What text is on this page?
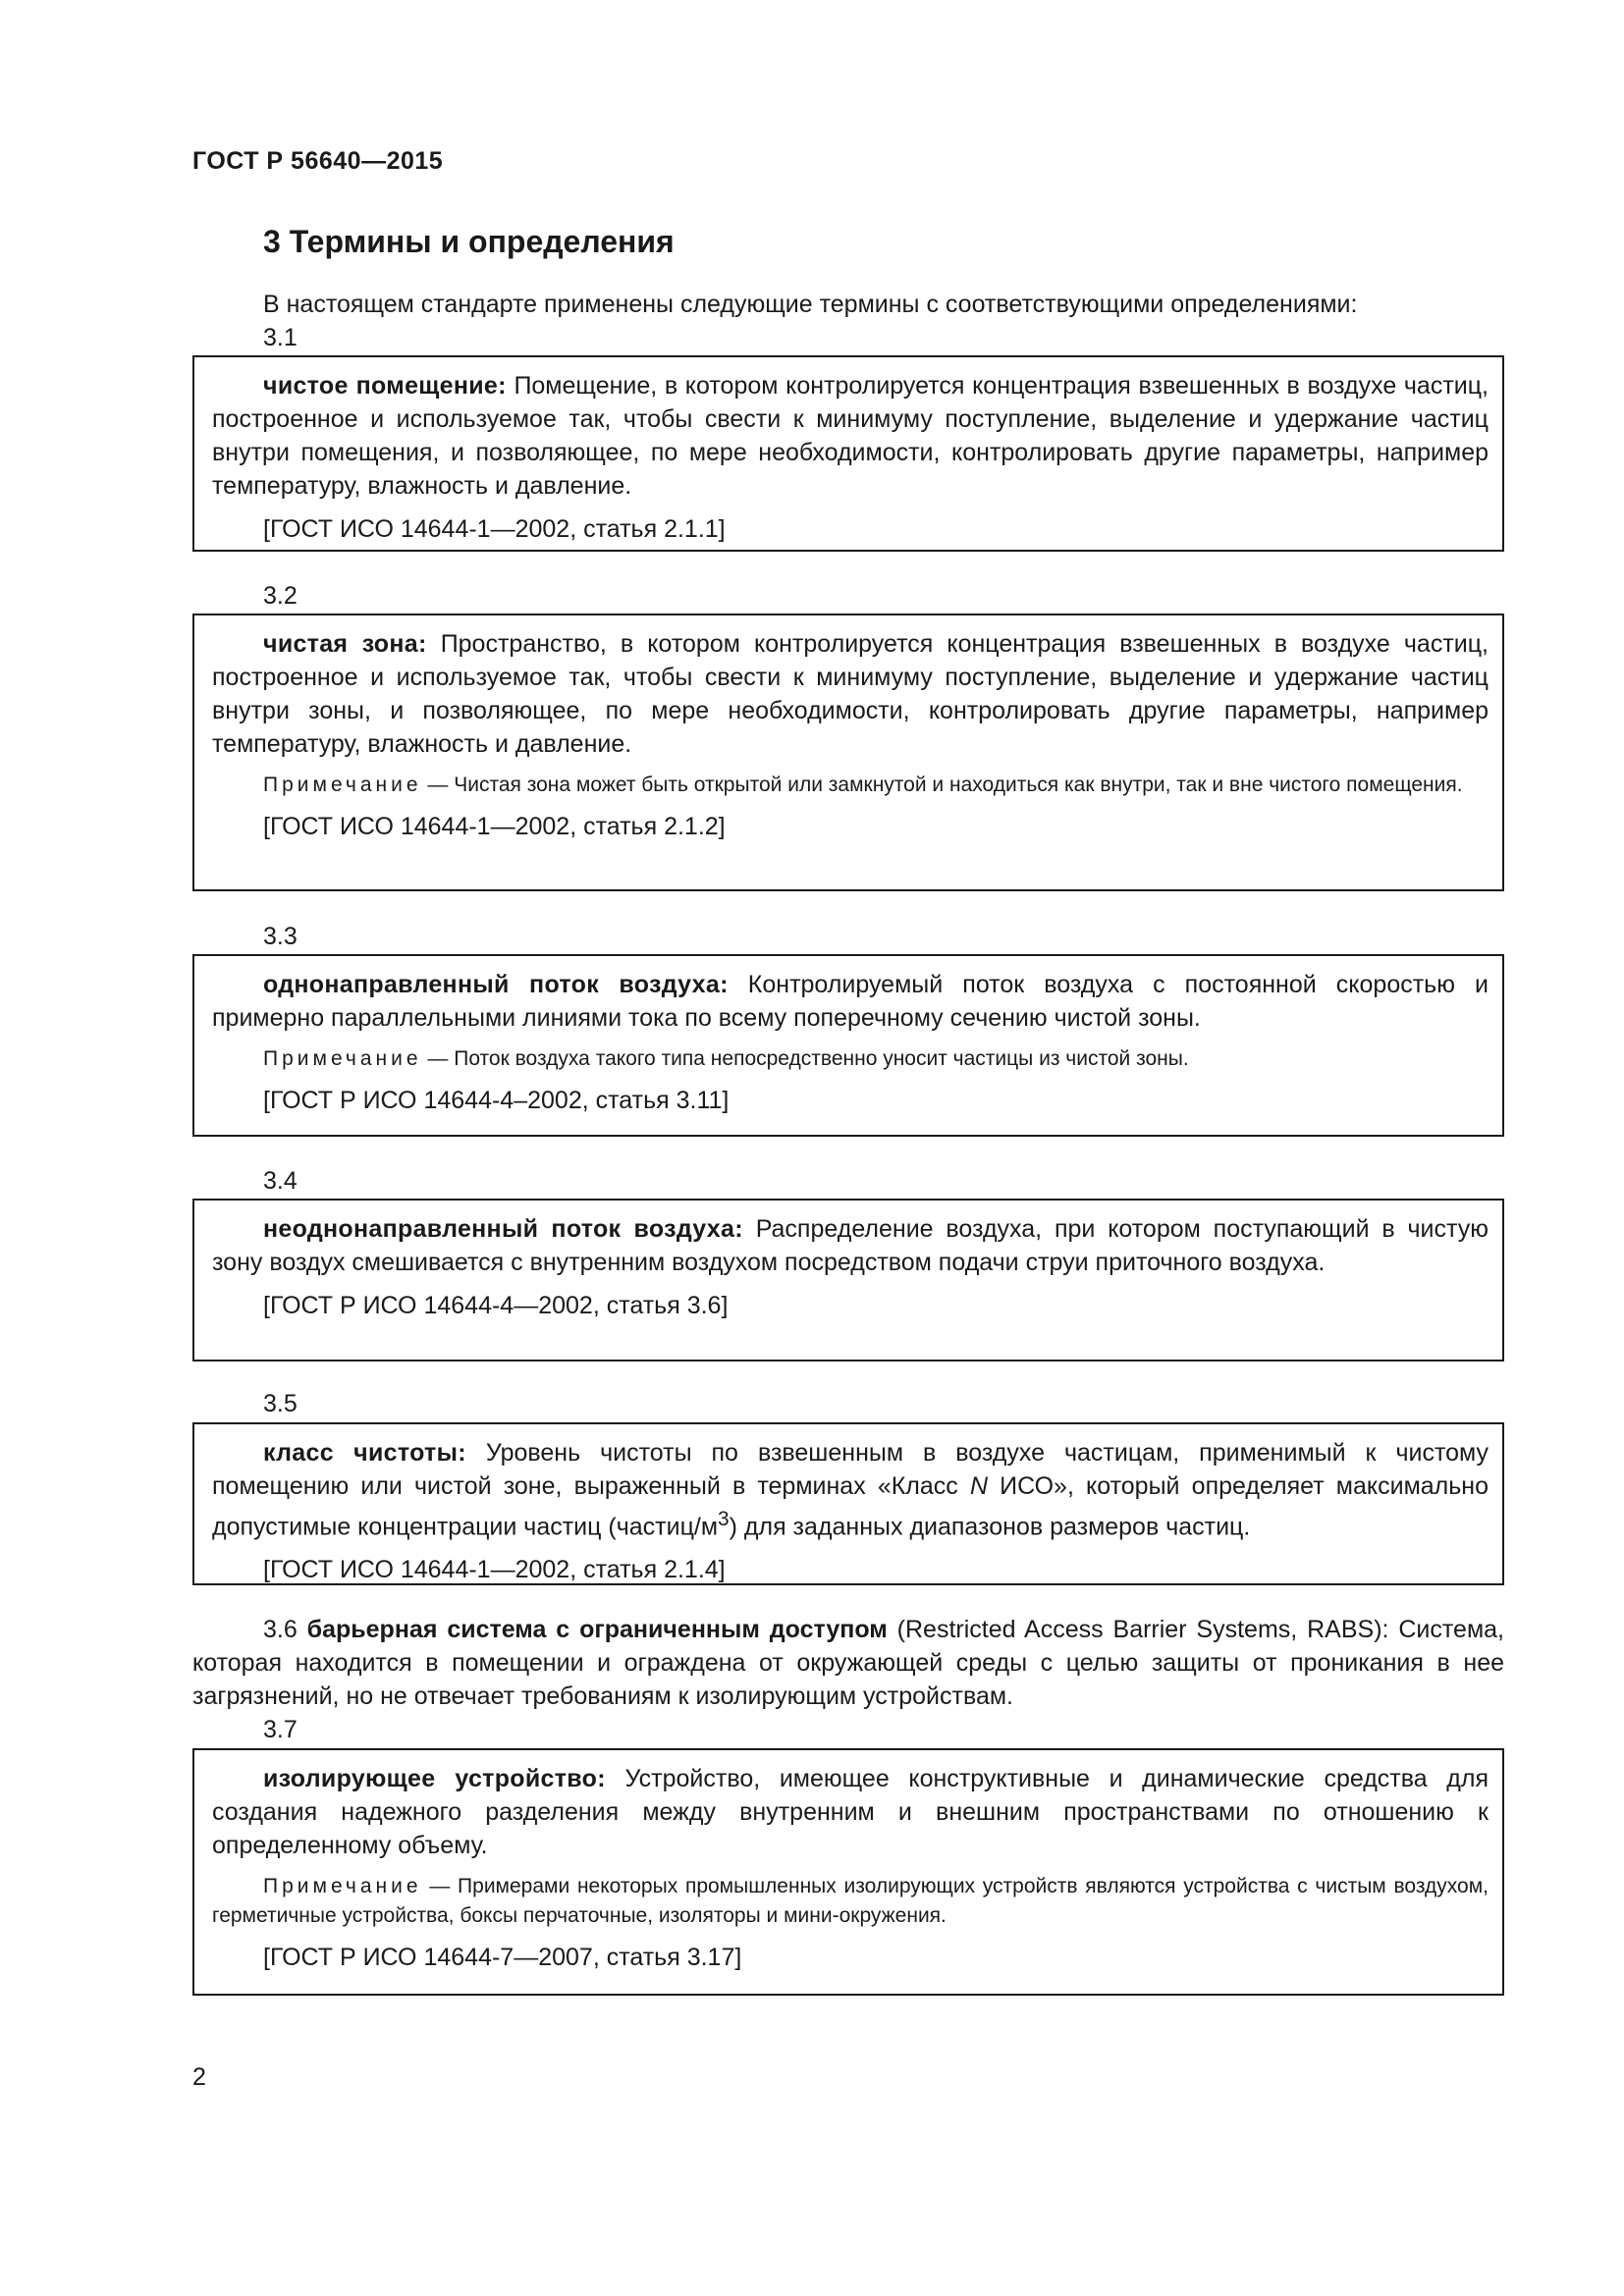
ГОСТ Р 56640—2015
3 Термины и определения
В настоящем стандарте применены следующие термины с соответствующими определениями:
3.1

чистое помещение: Помещение, в котором контролируется концентрация взвешенных в воздухе частиц, построенное и используемое так, чтобы свести к минимуму поступление, выделение и удержание частиц внутри помещения, и позволяющее, по мере необходимости, контролировать другие параметры, например температуру, влажность и давление.

[ГОСТ ИСО 14644-1—2002, статья 2.1.1]
3.2

чистая зона: Пространство, в котором контролируется концентрация взвешенных в воздухе частиц, построенное и используемое так, чтобы свести к минимуму поступление, выделение и удержание частиц внутри зоны, и позволяющее, по мере необходимости, контролировать другие параметры, например температуру, влажность и давление.

Примечание — Чистая зона может быть открытой или замкнутой и находиться как внутри, так и вне чистого помещения.

[ГОСТ ИСО 14644-1—2002, статья 2.1.2]
3.3

однонаправленный поток воздуха: Контролируемый поток воздуха с постоянной скоростью и примерно параллельными линиями тока по всему поперечному сечению чистой зоны.

Примечание — Поток воздуха такого типа непосредственно уносит частицы из чистой зоны.

[ГОСТ Р ИСО 14644-4–2002, статья 3.11]
3.4

неоднонаправленный поток воздуха: Распределение воздуха, при котором поступающий в чистую зону воздух смешивается с внутренним воздухом посредством подачи струи приточного воздуха.

[ГОСТ Р ИСО 14644-4—2002, статья 3.6]
3.5

класс чистоты: Уровень чистоты по взвешенным в воздухе частицам, применимый к чистому помещению или чистой зоне, выраженный в терминах «Класс N ИСО», который определяет максимально допустимые концентрации частиц $(частиц/м^3)$ для заданных диапазонов размеров частиц.

[ГОСТ ИСО 14644-1—2002, статья 2.1.4]

3.6 барьерная система с ограниченным доступом (Restricted Access Barrier Systems, RABS): Система, которая находится в помещении и ограждена от окружающей среды с целью защиты от проникания в нее загрязнений, но не отвечает требованиям к изолирующим устройствам.

3.7

изолирующее устройство: Устройство, имеющее конструктивные и динамические средства для создания надежного разделения между внутренним и внешним пространствами по отношению к определенному объему.

Примечание — Примерами некоторых промышленных изолирующих устройств являются устройства с чистым воздухом, герметичные устройства, боксы перчаточные, изоляторы и мини-окружения.

[ГОСТ Р ИСО 14644-7—2007, статья 3.17]
2
